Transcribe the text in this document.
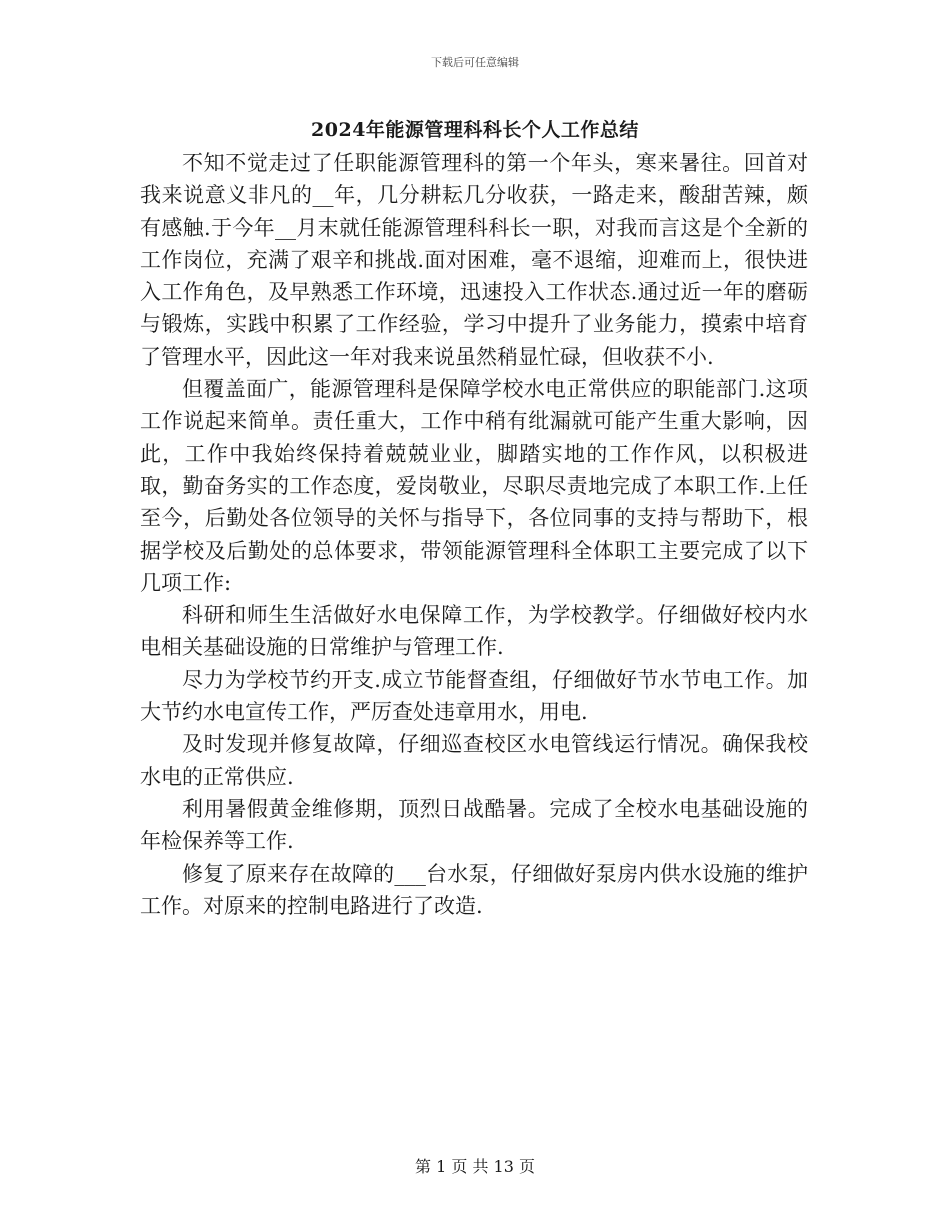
下载后可任意编辑
2024年能源管理科科长个人工作总结

不知不觉走过了任职能源管理科的第一个年头，寒来暑往。回首对我来说意义非凡的__年，几分耕耘几分收获，一路走来，酸甜苦辣，颇有感触.于今年__月末就任能源管理科科长一职，对我而言这是个全新的工作岗位，充满了艰辛和挑战.面对困难，毫不退缩，迎难而上，很快进入工作角色，及早熟悉工作环境，迅速投入工作状态.通过近一年的磨砺与锻炼，实践中积累了工作经验，学习中提升了业务能力，摸索中培育了管理水平，因此这一年对我来说虽然稍显忙碌，但收获不小.

但覆盖面广，能源管理科是保障学校水电正常供应的职能部门.这项工作说起来简单。责任重大，工作中稍有纰漏就可能产生重大影响，因此，工作中我始终保持着兢兢业业，脚踏实地的工作作风，以积极进取，勤奋务实的工作态度，爱岗敬业，尽职尽责地完成了本职工作.上任至今，后勤处各位领导的关怀与指导下，各位同事的支持与帮助下，根据学校及后勤处的总体要求，带领能源管理科全体职工主要完成了以下几项工作:

科研和师生生活做好水电保障工作，为学校教学。仔细做好校内水电相关基础设施的日常维护与管理工作.

尽力为学校节约开支.成立节能督查组，仔细做好节水节电工作。加大节约水电宣传工作，严厉查处违章用水，用电.

及时发现并修复故障，仔细巡查校区水电管线运行情况。确保我校水电的正常供应.

利用暑假黄金维修期，顶烈日战酷暑。完成了全校水电基础设施的年检保养等工作.

修复了原来存在故障的___台水泵，仔细做好泵房内供水设施的维护工作。对原来的控制电路进行了改造.

第 1 页 共 13 页
